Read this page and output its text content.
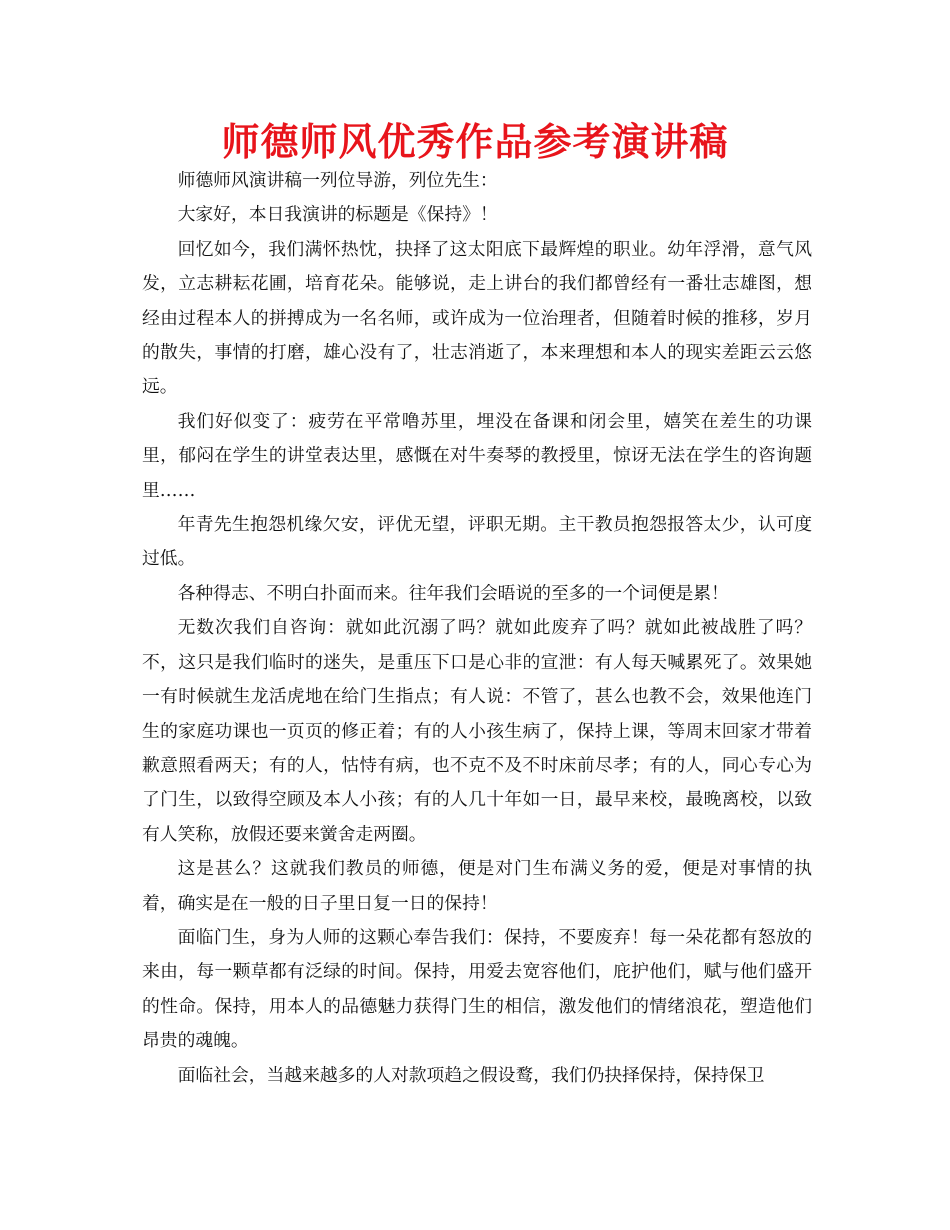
师德师风优秀作品参考演讲稿

师德师风演讲稿一列位导游，列位先生：

大家好，本日我演讲的标题是《保持》！

回忆如今，我们满怀热忱，抉择了这太阳底下最辉煌的职业。幼年浮滑，意气风发，立志耕耘花圃，培育花朵。能够说，走上讲台的我们都曾经有一番壮志雄图，想经由过程本人的拼搏成为一名名师，或许成为一位治理者，但随着时候的推移，岁月的散失，事情的打磨，雄心没有了，壮志消逝了，本来理想和本人的现实差距云云悠远。

我们好似变了：疲劳在平常噜苏里，埋没在备课和闭会里，嬉笑在差生的功课里，郁闷在学生的讲堂表达里，感慨在对牛奏琴的教授里，惊讶无法在学生的咨询题里……

年青先生抱怨机缘欠安，评优无望，评职无期。主干教员抱怨报答太少，认可度过低。

各种得志、不明白扑面而来。往年我们会晤说的至多的一个词便是累！

无数次我们自咨询：就如此沉溺了吗？就如此废弃了吗？就如此被战胜了吗？不，这只是我们临时的迷失，是重压下口是心非的宣泄：有人每天喊累死了。效果她一有时候就生龙活虎地在给门生指点；有人说：不管了，甚么也教不会，效果他连门生的家庭功课也一页页的修正着；有的人小孩生病了，保持上课，等周末回家才带着歉意照看两天；有的人，怙恃有病，也不克不及不时床前尽孝；有的人，同心专心为了门生，以致得空顾及本人小孩；有的人几十年如一日，最早来校，最晚离校，以致有人笑称，放假还要来黉舍走两圈。

这是甚么？这就我们教员的师德，便是对门生布满义务的爱，便是对事情的执着，确实是在一般的日子里日复一日的保持！

面临门生，身为人师的这颗心奉告我们：保持，不要废弃！每一朵花都有怒放的来由，每一颗草都有泛绿的时间。保持，用爱去宽容他们，庇护他们，赋与他们盛开的性命。保持，用本人的品德魅力获得门生的相信，激发他们的情绪浪花，塑造他们昂贵的魂魄。

面临社会，当越来越多的人对款项趋之假设鹜，我们仍抉择保持，保持保卫
